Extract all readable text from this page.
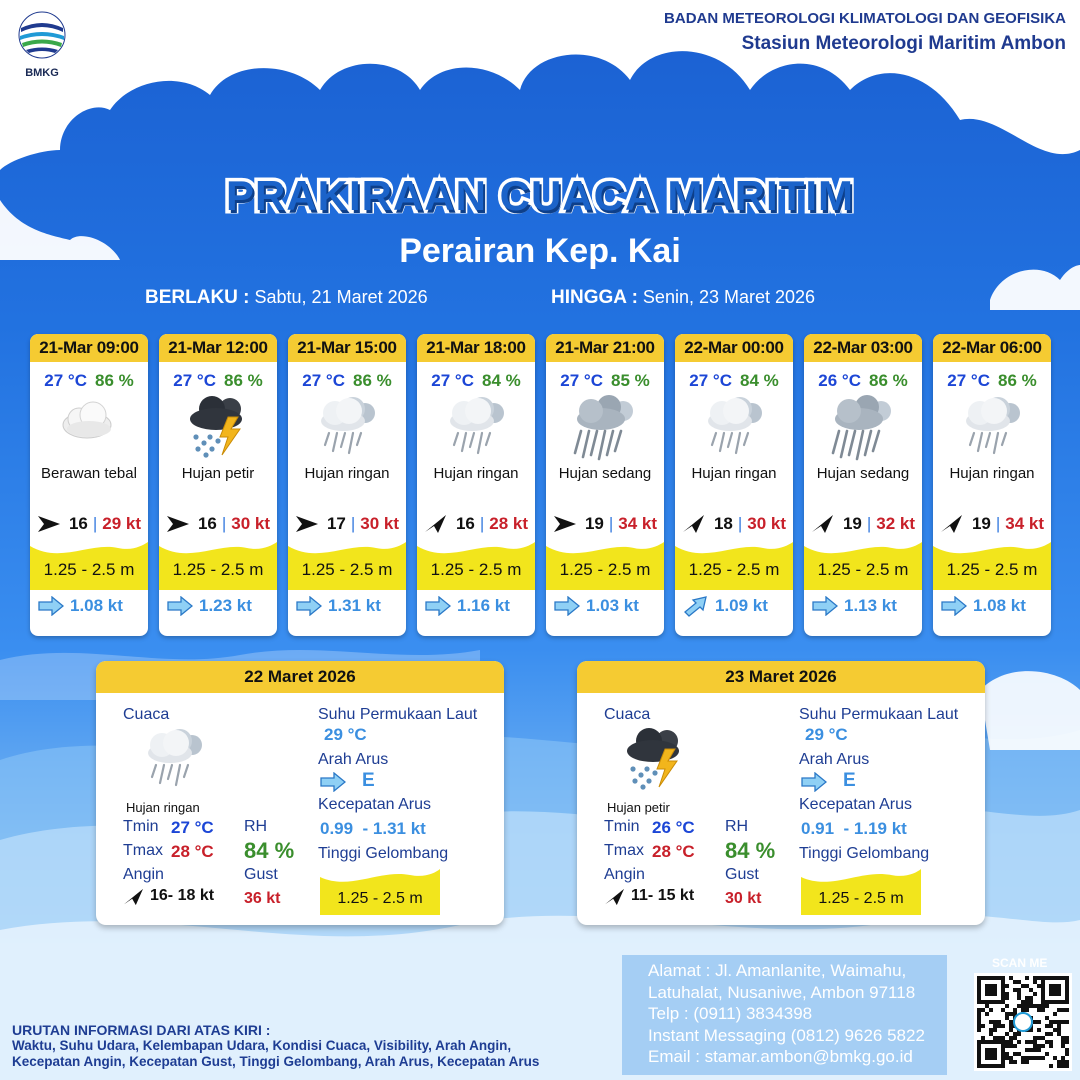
BMKG
BADAN METEOROLOGI KLIMATOLOGI DAN GEOFISIKA
Stasiun Meteorologi Maritim Ambon
PRAKIRAAN CUACA MARITIM
Perairan Kep. Kai
BERLAKU : Sabtu, 21 Maret 2026	HINGGA : Senin, 23 Maret 2026
21-Mar 09:00
27 °C 86 %
Berawan tebal
16 | 29 kt
1.25 - 2.5 m
1.08 kt
21-Mar 12:00
27 °C 86 %
Hujan petir
16 | 30 kt
1.25 - 2.5 m
1.23 kt
21-Mar 15:00
27 °C 86 %
Hujan ringan
17 | 30 kt
1.25 - 2.5 m
1.31 kt
21-Mar 18:00
27 °C 84 %
Hujan ringan
16 | 28 kt
1.25 - 2.5 m
1.16 kt
21-Mar 21:00
27 °C 85 %
Hujan sedang
19 | 34 kt
1.25 - 2.5 m
1.03 kt
22-Mar 00:00
27 °C 84 %
Hujan ringan
18 | 30 kt
1.25 - 2.5 m
1.09 kt
22-Mar 03:00
26 °C 86 %
Hujan sedang
19 | 32 kt
1.25 - 2.5 m
1.13 kt
22-Mar 06:00
27 °C 86 %
Hujan ringan
19 | 34 kt
1.25 - 2.5 m
1.08 kt
22 Maret 2026
Cuaca
Hujan ringan
Tmin 27 °C
Tmax 28 °C
Angin
16- 18 kt
RH
84 %
Gust
36 kt
Suhu Permukaan Laut
29 °C
Arah Arus
E
Kecepatan Arus
0.99  - 1.31 kt
Tinggi Gelombang
1.25 - 2.5 m
23 Maret 2026
Cuaca
Hujan petir
Tmin 26 °C
Tmax 28 °C
Angin
11- 15 kt
RH
84 %
Gust
30 kt
Suhu Permukaan Laut
29 °C
Arah Arus
E
Kecepatan Arus
0.91  - 1.19 kt
Tinggi Gelombang
1.25 - 2.5 m
URUTAN INFORMASI DARI ATAS KIRI :
Waktu, Suhu Udara, Kelembapan Udara, Kondisi Cuaca, Visibility, Arah Angin,
Kecepatan Angin, Kecepatan Gust, Tinggi Gelombang, Arah Arus, Kecepatan Arus
Alamat : Jl. Amanlanite, Waimahu,
Latuhalat, Nusaniwe, Ambon 97118
Telp : (0911) 3834398
Instant Messaging (0812) 9626 5822
Email : stamar.ambon@bmkg.go.id
SCAN ME
